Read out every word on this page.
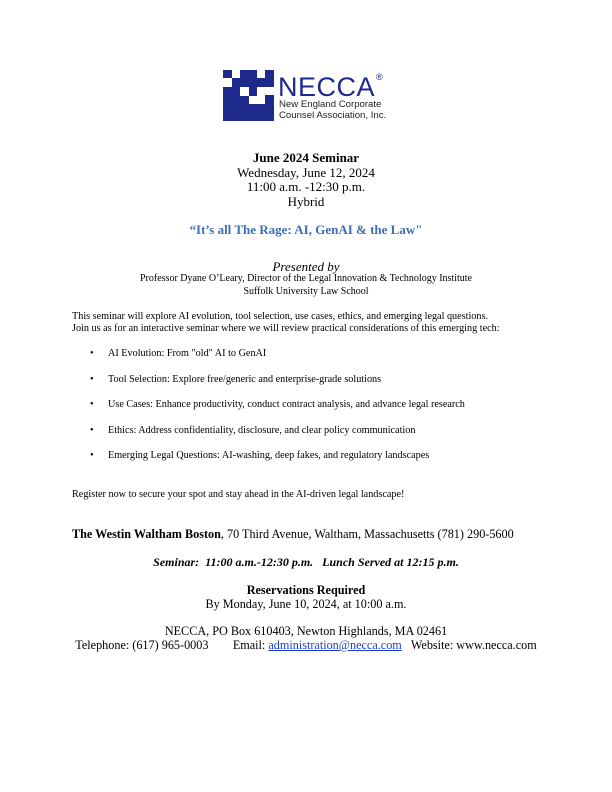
NECCA®
New England Corporate
Counsel Association, Inc.
June 2024 Seminar
Wednesday, June 12, 2024
11:00 a.m. -12:30 p.m.
Hybrid
“It’s all The Rage: AI, GenAI & the Law"
Presented by
Professor Dyane O’Leary, Director of the Legal Innovation & Technology Institute
Suffolk University Law School
This seminar will explore AI evolution, tool selection, use cases, ethics, and emerging legal questions.
Join us as for an interactive seminar where we will review practical considerations of this emerging tech:
• AI Evolution: From "old" AI to GenAI
• Tool Selection: Explore free/generic and enterprise-grade solutions
• Use Cases: Enhance productivity, conduct contract analysis, and advance legal research
• Ethics: Address confidentiality, disclosure, and clear policy communication
• Emerging Legal Questions: AI-washing, deep fakes, and regulatory landscapes
Register now to secure your spot and stay ahead in the AI-driven legal landscape!
The Westin Waltham Boston, 70 Third Avenue, Waltham, Massachusetts (781) 290-5600
Seminar:  11:00 a.m.-12:30 p.m.   Lunch Served at 12:15 p.m.
Reservations Required
By Monday, June 10, 2024, at 10:00 a.m.
NECCA, PO Box 610403, Newton Highlands, MA 02461
Telephone: (617) 965-0003 Email: administration@necca.com Website: www.necca.com
